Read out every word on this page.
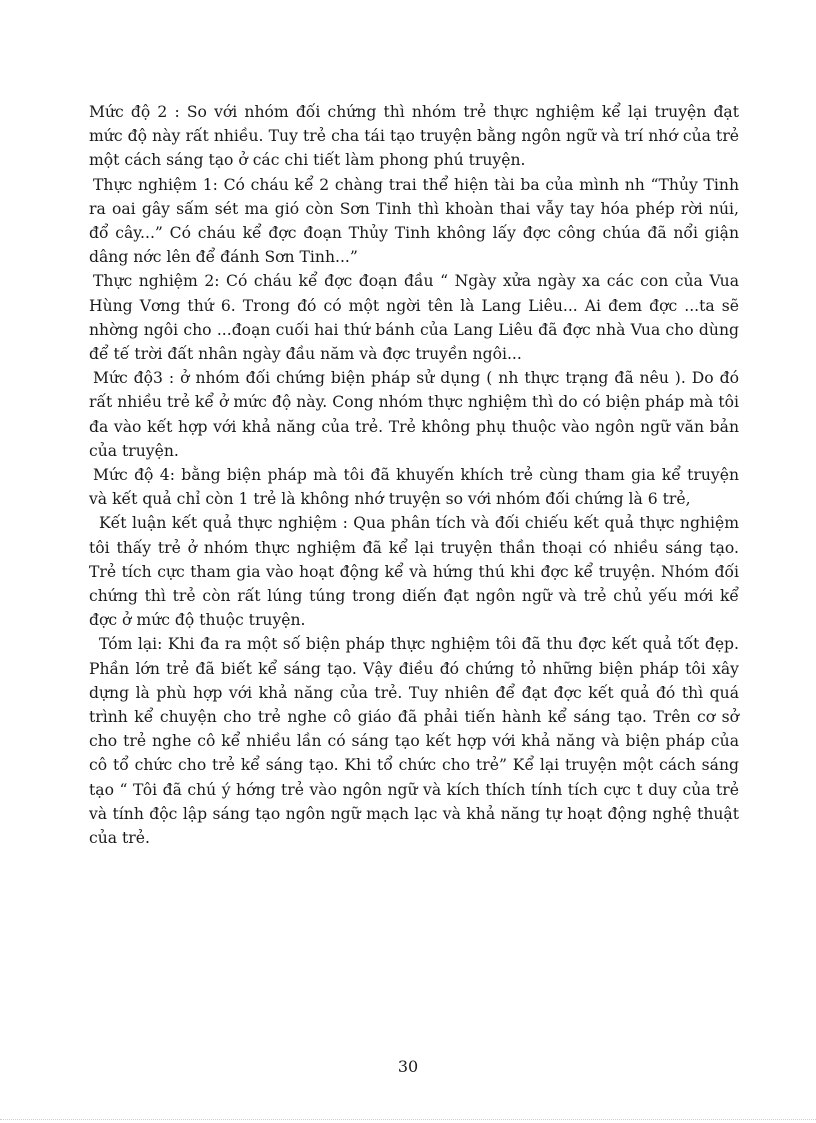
Mức độ 2 : So với nhóm đối chứng thì nhóm trẻ thực nghiệm kể lại truyện đạt mức độ này rất nhiều. Tuy trẻ cha tái tạo truyện bằng ngôn ngữ và trí nhớ của trẻ một cách sáng tạo ở các chi tiết làm phong phú truyện.

Thực nghiệm 1: Có cháu kể 2 chàng trai thể hiện tài ba của mình nh “Thủy Tinh ra oai gây sấm sét ma gió còn Sơn Tinh thì khoàn thai vẫy tay hóa phép rời núi, đổ cây...” Có cháu kể đợc đoạn Thủy Tinh không lấy đợc công chúa đã nổi giận dâng nớc lên để đánh Sơn Tinh...”

Thực nghiệm 2: Có cháu kể đợc đoạn đầu “ Ngày xửa ngày xa các con của Vua Hùng Vơng thứ 6. Trong đó có một ngời tên là Lang Liêu... Ai đem đợc ...ta sẽ nhờng ngôi cho ...đoạn cuối hai thứ bánh của Lang Liêu đã đợc nhà Vua cho dùng để tế trời đất nhân ngày đầu năm và đợc truyền ngôi...

Mức độ3 : ở nhóm đối chứng biện pháp sử dụng ( nh thực trạng đã nêu ). Do đó rất nhiều trẻ kể ở mức độ này. Cong nhóm thực nghiệm thì do có biện pháp mà tôi đa vào kết hợp với khả năng của trẻ. Trẻ không phụ thuộc vào ngôn ngữ văn bản của truyện.

Mức độ 4: bằng biện pháp mà tôi đã khuyến khích trẻ cùng tham gia kể truyện và kết quả chỉ còn 1 trẻ là không nhớ truyện so với nhóm đối chứng là 6 trẻ,

Kết luận kết quả thực nghiệm : Qua phân tích và đối chiếu kết quả thực nghiệm tôi thấy trẻ ở nhóm thực nghiệm đã kể lại truyện thần thoại có nhiều sáng tạo. Trẻ tích cực tham gia vào hoạt động kể và hứng thú khi đợc kể truyện. Nhóm đối chứng thì trẻ còn rất lúng túng trong diến đạt ngôn ngữ và trẻ chủ yếu mới kể đợc ở mức độ thuộc truyện.

Tóm lại: Khi đa ra một số biện pháp thực nghiệm tôi đã thu đợc kết quả tốt đẹp. Phần lớn trẻ đã biết kể sáng tạo. Vậy điều đó chứng tỏ những biện pháp tôi xây dựng là phù hợp với khả năng của trẻ. Tuy nhiên để đạt đợc kết quả đó thì quá trình kể chuyện cho trẻ nghe cô giáo đã phải tiến hành kể sáng tạo. Trên cơ sở cho trẻ nghe cô kể nhiều lần có sáng tạo kết hợp với khả năng và biện pháp của cô tổ chức cho trẻ kể sáng tạo. Khi tổ chức cho trẻ” Kể lại truyện một cách sáng tạo “ Tôi đã chú ý hớng trẻ vào ngôn ngữ và kích thích tính tích cực t duy của trẻ và tính độc lập sáng tạo ngôn ngữ mạch lạc và khả năng tự hoạt động nghệ thuật của trẻ.

30
